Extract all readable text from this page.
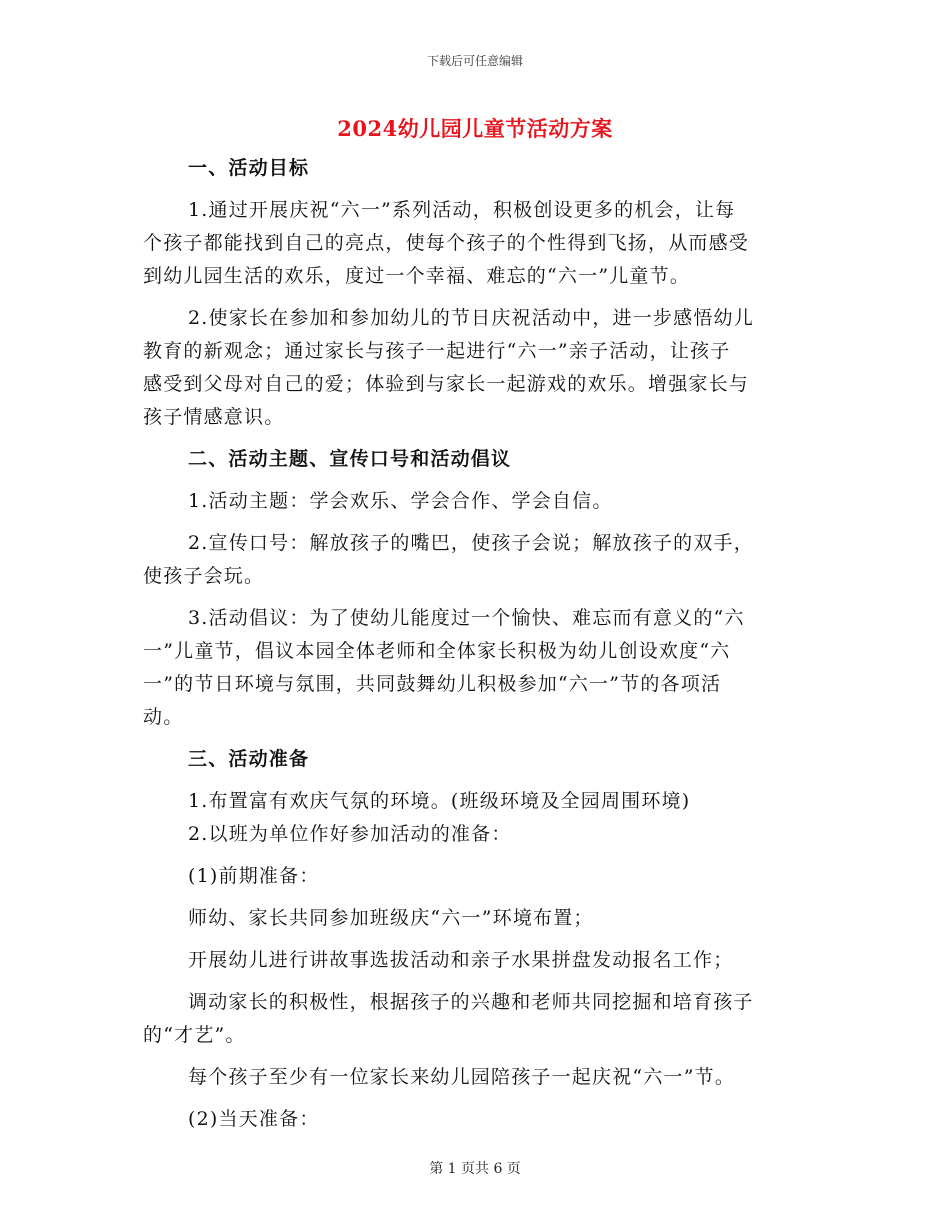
下载后可任意编辑
2024幼儿园儿童节活动方案
一、活动目标
1.通过开展庆祝“六一”系列活动，积极创设更多的机会，让每
个孩子都能找到自己的亮点，使每个孩子的个性得到飞扬，从而感受
到幼儿园生活的欢乐，度过一个幸福、难忘的“六一”儿童节。
2.使家长在参加和参加幼儿的节日庆祝活动中，进一步感悟幼儿
教育的新观念；通过家长与孩子一起进行“六一”亲子活动，让孩子
感受到父母对自己的爱；体验到与家长一起游戏的欢乐。增强家长与
孩子情感意识。
二、活动主题、宣传口号和活动倡议
1.活动主题：学会欢乐、学会合作、学会自信。
2.宣传口号：解放孩子的嘴巴，使孩子会说；解放孩子的双手，
使孩子会玩。
3.活动倡议：为了使幼儿能度过一个愉快、难忘而有意义的“六
一”儿童节，倡议本园全体老师和全体家长积极为幼儿创设欢度“六
一”的节日环境与氛围，共同鼓舞幼儿积极参加“六一”节的各项活
动。
三、活动准备
1.布置富有欢庆气氛的环境。(班级环境及全园周围环境)
2.以班为单位作好参加活动的准备：
(1)前期准备：
师幼、家长共同参加班级庆“六一”环境布置；
开展幼儿进行讲故事选拔活动和亲子水果拼盘发动报名工作；
调动家长的积极性，根据孩子的兴趣和老师共同挖掘和培育孩子
的“才艺”。
每个孩子至少有一位家长来幼儿园陪孩子一起庆祝“六一”节。
(2)当天准备：
第 1 页共 6 页
